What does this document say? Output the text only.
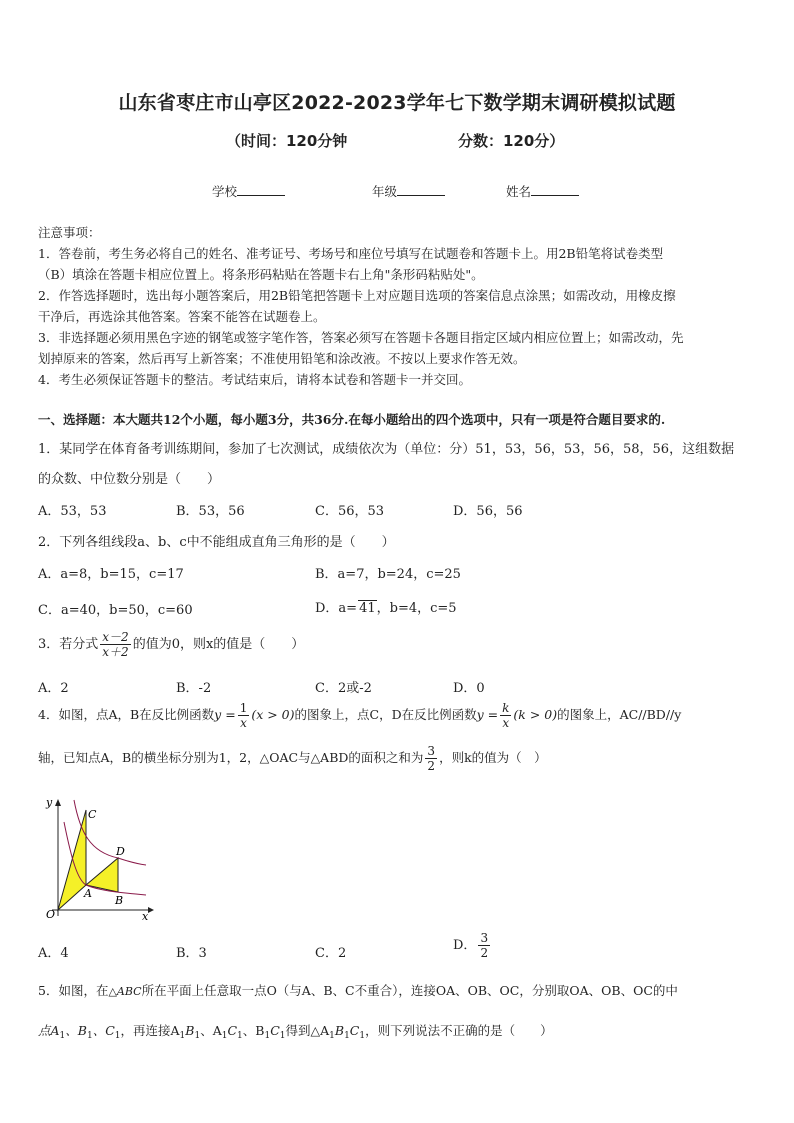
山东省枣庄市山亭区2022-2023学年七下数学期末调研模拟试题
（时间：120分钟	分数：120分）
学校	年级	姓名
注意事项：
1．答卷前，考生务必将自己的姓名、准考证号、考场号和座位号填写在试题卷和答题卡上。用2B铅笔将试卷类型
（B）填涂在答题卡相应位置上。将条形码粘贴在答题卡右上角"条形码粘贴处"。
2．作答选择题时，选出每小题答案后，用2B铅笔把答题卡上对应题目选项的答案信息点涂黑；如需改动，用橡皮擦
干净后，再选涂其他答案。答案不能答在试题卷上。
3．非选择题必须用黑色字迹的钢笔或签字笔作答，答案必须写在答题卡各题目指定区域内相应位置上；如需改动，先
划掉原来的答案，然后再写上新答案；不准使用铅笔和涂改液。不按以上要求作答无效。
4．考生必须保证答题卡的整洁。考试结束后，请将本试卷和答题卡一并交回。
一、选择题：本大题共12个小题，每小题3分，共36分.在每小题给出的四个选项中，只有一项是符合题目要求的.
1．某同学在体育备考训练期间，参加了七次测试，成绩依次为（单位：分）51，53，56，53，56，58，56，这组数据
的众数、中位数分别是（　　）
A．53，53	B．53，56	C．56，53	D．56，56
2．下列各组线段a、b、c中不能组成直角三角形的是（　　）
A．a=8，b=15，c=17	B．a=7，b=24，c=25
C．a=40，b=50，c=60	D．a= 41，b=4，c=5
3．若分式 $\frac{x-2}{x+2}$ 的值为0，则x的值是（　　）
A．2	B．-2	C．2或-2	D．0
4．如图，点A，B在反比例函数$y = \frac{1}{x} (x > 0)$的图象上，点C，D在反比例函数$y = \frac{k}{x} (k > 0)$的图象上，AC//BD//y
轴，已知点A，B的横坐标分别为1，2，△OAC与△ABD的面积之和为 $\frac{3}{2}$ ，则k的值为（　）
y
x
O
C
D
A
B
A．4	B．3	C．2
D． $\frac{3}{2}$
5．如图，在△ABC所在平面上任意取一点O（与A、B、C不重合），连接OA、OB、OC，分别取OA、OB、OC的中
点$A_1$、$B_1$、$C_1$，再连接$A_1B_1$、$A_1C_1$、$B_1C_1$得到$\triangle A_1B_1C_1$，则下列说法不正确的是（　　）
